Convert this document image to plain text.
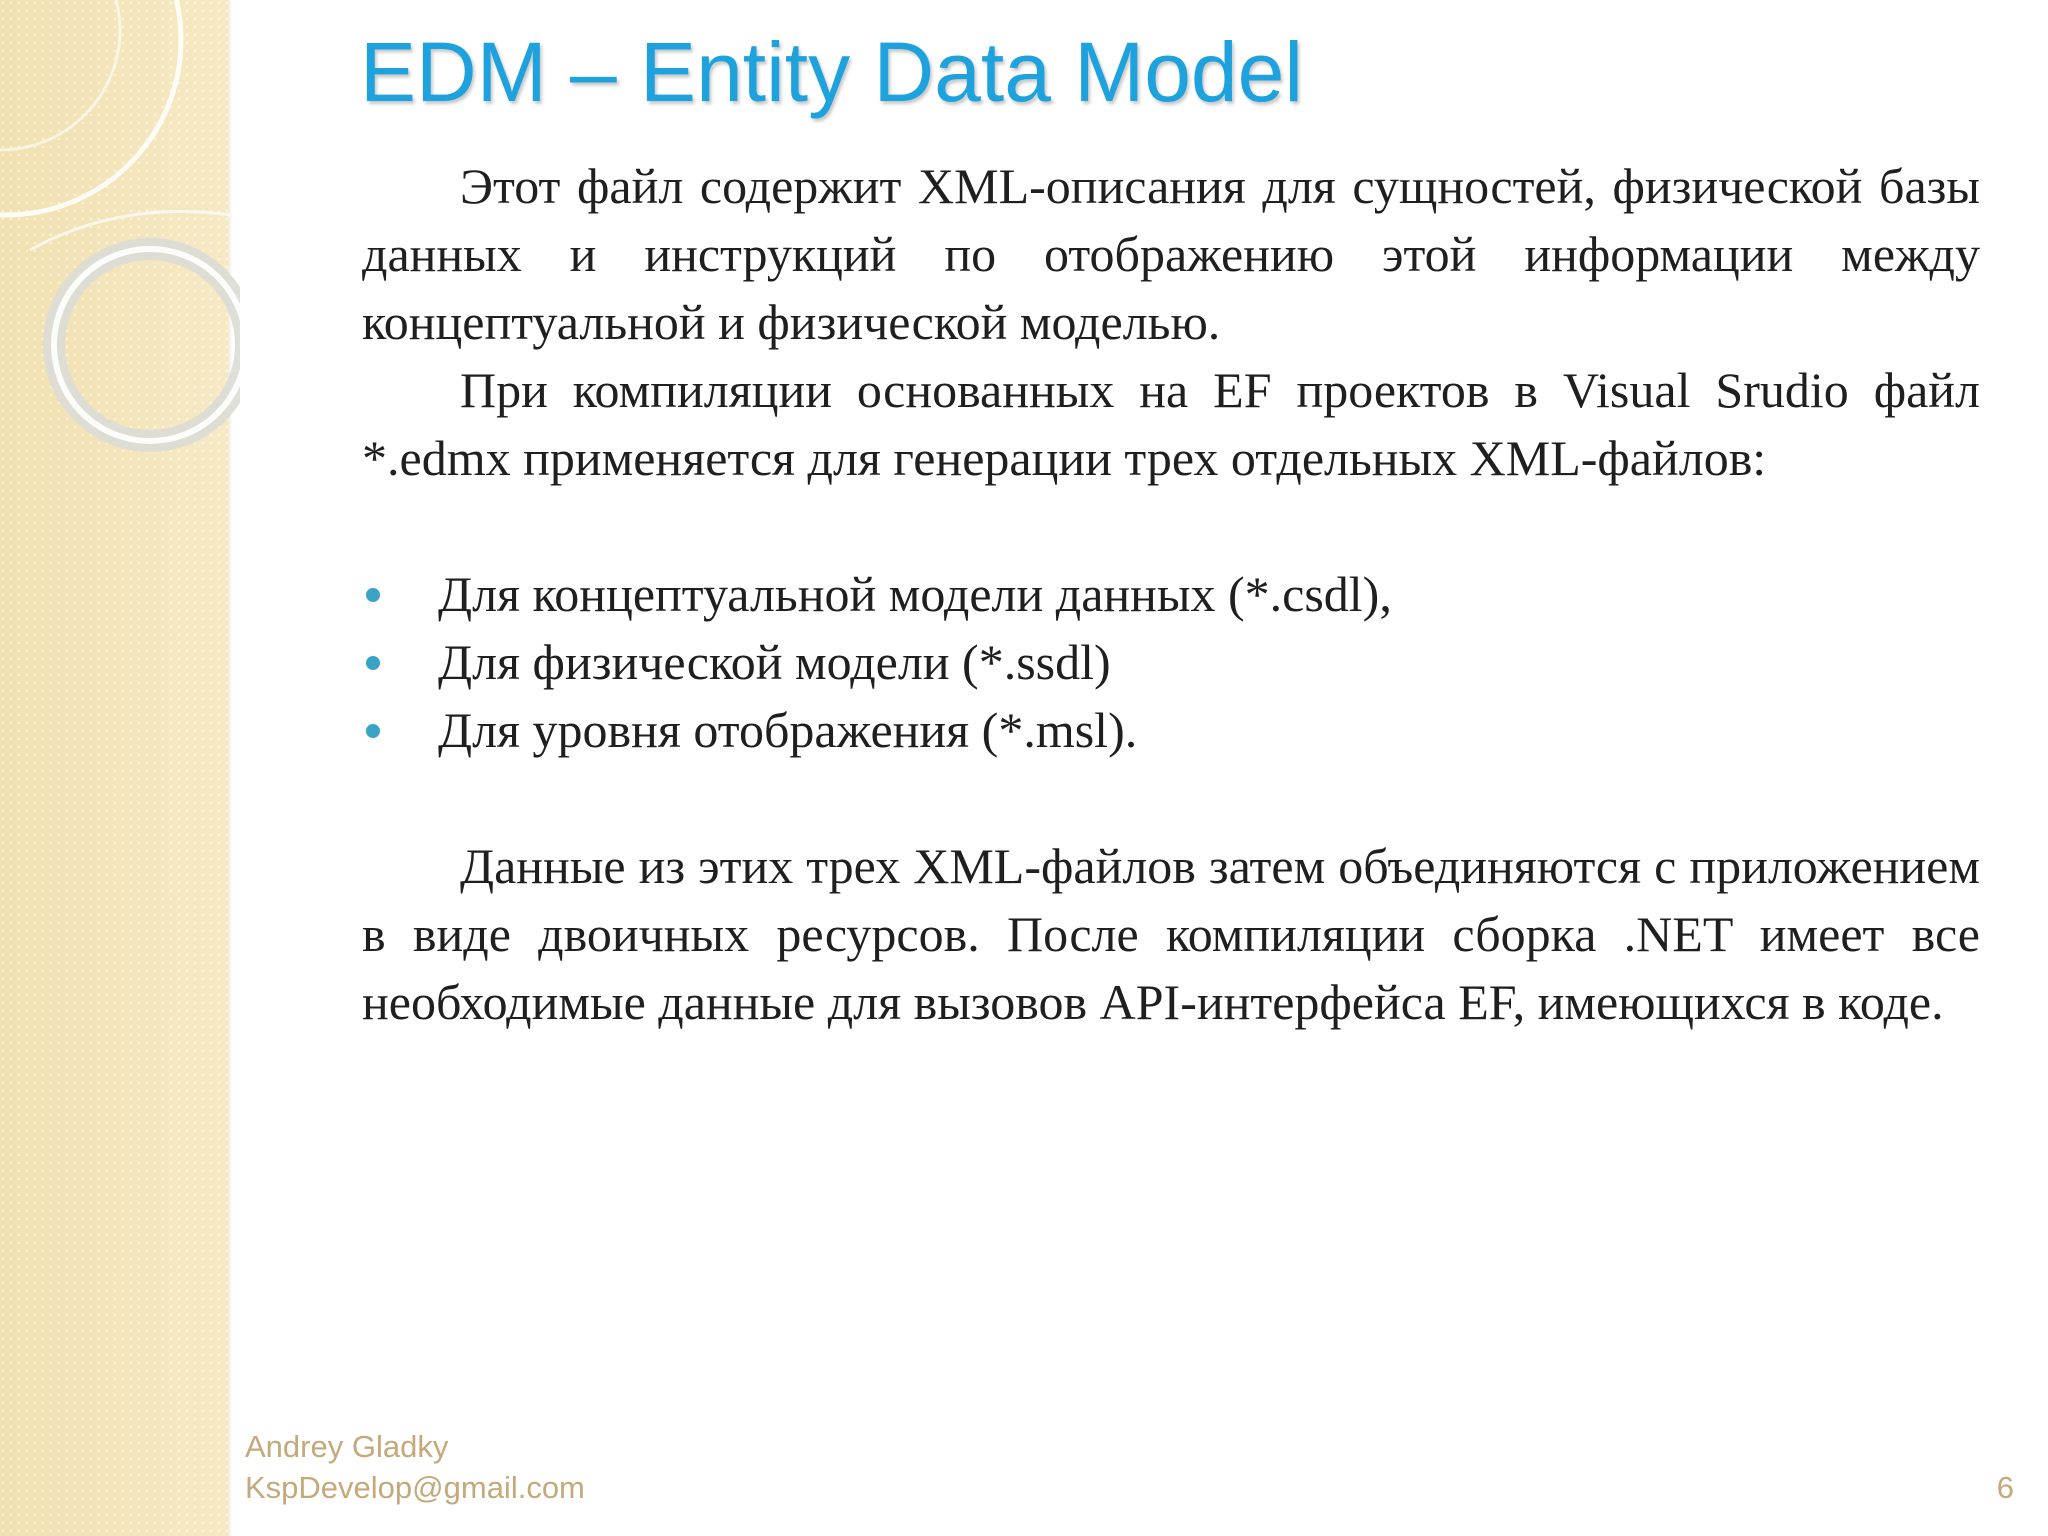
EDM – Entity Data Model

Этот файл содержит XML-описания для сущностей, физической базы данных и инструкций по отображению этой информации между концептуальной и физической моделью.

При компиляции основанных на EF проектов в Visual Srudio файл *.edmx применяется для генерации трех отдельных XML-файлов:

Для концептуальной модели данных (*.csdl),
Для физической модели (*.ssdl)
Для уровня отображения (*.msl).

Данные из этих трех XML-файлов затем объединяются с приложением в виде двоичных ресурсов. После компиляции сборка .NET имеет все необходимые данные для вызовов API-интерфейса EF, имеющихся в коде.

Andrey Gladky
KspDevelop@gmail.com	6
